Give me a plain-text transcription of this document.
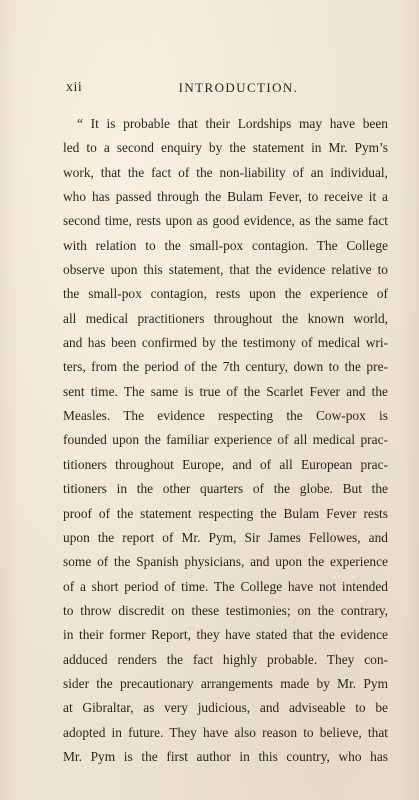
xii	INTRODUCTION.
“ It is probable that their Lordships may have been
led to a second enquiry by the statement in Mr. Pym’s
work, that the fact of the non-liability of an individual,
who has passed through the Bulam Fever, to receive it a
second time, rests upon as good evidence, as the same fact
with relation to the small-pox contagion. The College
observe upon this statement, that the evidence relative to
the small-pox contagion, rests upon the experience of
all medical practitioners throughout the known world,
and has been confirmed by the testimony of medical wri-
ters, from the period of the 7th century, down to the pre-
sent time. The same is true of the Scarlet Fever and the
Measles. The evidence respecting the Cow-pox is
founded upon the familiar experience of all medical prac-
titioners throughout Europe, and of all European prac-
titioners in the other quarters of the globe. But the
proof of the statement respecting the Bulam Fever rests
upon the report of Mr. Pym, Sir James Fellowes, and
some of the Spanish physicians, and upon the experience
of a short period of time. The College have not intended
to throw discredit on these testimonies; on the contrary,
in their former Report, they have stated that the evidence
adduced renders the fact highly probable. They con-
sider the precautionary arrangements made by Mr. Pym
at Gibraltar, as very judicious, and adviseable to be
adopted in future. They have also reason to believe, that
Mr. Pym is the first author in this country, who has
